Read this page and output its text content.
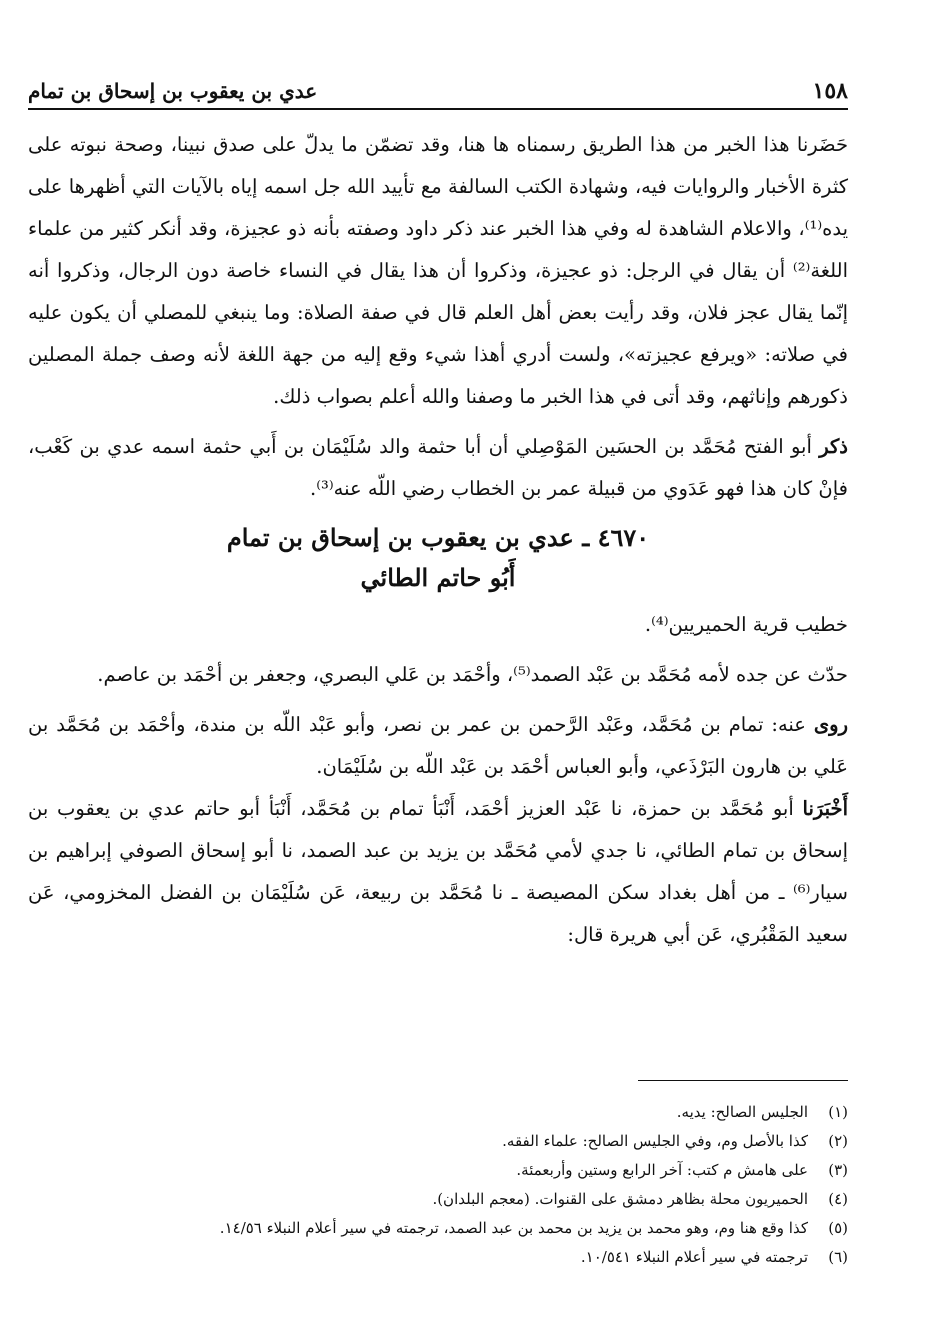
١٥٨
عدي بن يعقوب بن إسحاق بن تمام

حَضَرنا هذا الخبر من هذا الطريق رسمناه ها هنا، وقد تضمّن ما يدلّ على صدق نبينا، وصحة نبوته على كثرة الأخبار والروايات فيه، وشهادة الكتب السالفة مع تأييد الله جل اسمه إياه بالآيات التي أظهرها على يده⁽¹⁾، والاعلام الشاهدة له وفي هذا الخبر عند ذكر داود وصفته بأنه ذو عجيزة، وقد أنكر كثير من علماء اللغة⁽²⁾ أن يقال في الرجل: ذو عجيزة، وذكروا أن هذا يقال في النساء خاصة دون الرجال، وذكروا أنه إنّما يقال عجز فلان، وقد رأيت بعض أهل العلم قال في صفة الصلاة: وما ينبغي للمصلي أن يكون عليه في صلاته: «ويرفع عجيزته»، ولست أدري أهذا شيء وقع إليه من جهة اللغة لأنه وصف جملة المصلين ذكورهم وإناثهم، وقد أتى في هذا الخبر ما وصفنا والله أعلم بصواب ذلك.

ذكر أبو الفتح مُحَمَّد بن الحسَين المَوْصِلي أن أبا حثمة والد سُلَيْمَان بن أَبي حثمة اسمه عدي بن كَعْب، فإنْ كان هذا فهو عَدَوي من قبيلة عمر بن الخطاب رضي اللّه عنه⁽³⁾.

٤٦٧٠ ـ عدي بن يعقوب بن إسحاق بن تمام
أَبُو حاتم الطائي

خطيب قرية الحميريين⁽⁴⁾.

حدّث عن جده لأمه مُحَمَّد بن عَبْد الصمد⁽⁵⁾، وأحْمَد بن عَلي البصري، وجعفر بن أحْمَد بن عاصم.

روى عنه: تمام بن مُحَمَّد، وعَبْد الرَّحمن بن عمر بن نصر، وأبو عَبْد اللّه بن مندة، وأحْمَد بن مُحَمَّد بن عَلي بن هارون البَرْذَعي، وأبو العباس أحْمَد بن عَبْد اللّه بن سُلَيْمَان.

أَخْبَرَنا أبو مُحَمَّد بن حمزة، نا عَبْد العزيز أحْمَد، أَنْبَأ تمام بن مُحَمَّد، أَنْبَأ أبو حاتم عدي بن يعقوب بن إسحاق بن تمام الطائي، نا جدي لأمي مُحَمَّد بن يزيد بن عبد الصمد، نا أبو إسحاق الصوفي إبراهيم بن سيار⁽⁶⁾ ـ من أهل بغداد سكن المصيصة ـ نا مُحَمَّد بن ربيعة، عَن سُلَيْمَان بن الفضل المخزومي، عَن سعيد المَقْبُري، عَن أبي هريرة قال:

(١)
الجليس الصالح: يديه.
(٢)
كذا بالأصل وم، وفي الجليس الصالح: علماء الفقه.
(٣)
على هامش م كتب: آخر الرابع وستين وأربعمئة.
(٤)
الحميريون محلة بظاهر دمشق على القنوات. (معجم البلدان).
(٥)
كذا وقع هنا وم، وهو محمد بن يزيد بن محمد بن عبد الصمد، ترجمته في سير أعلام النبلاء ١٤/٥٦.
(٦)
ترجمته في سير أعلام النبلاء ١٠/٥٤١.
